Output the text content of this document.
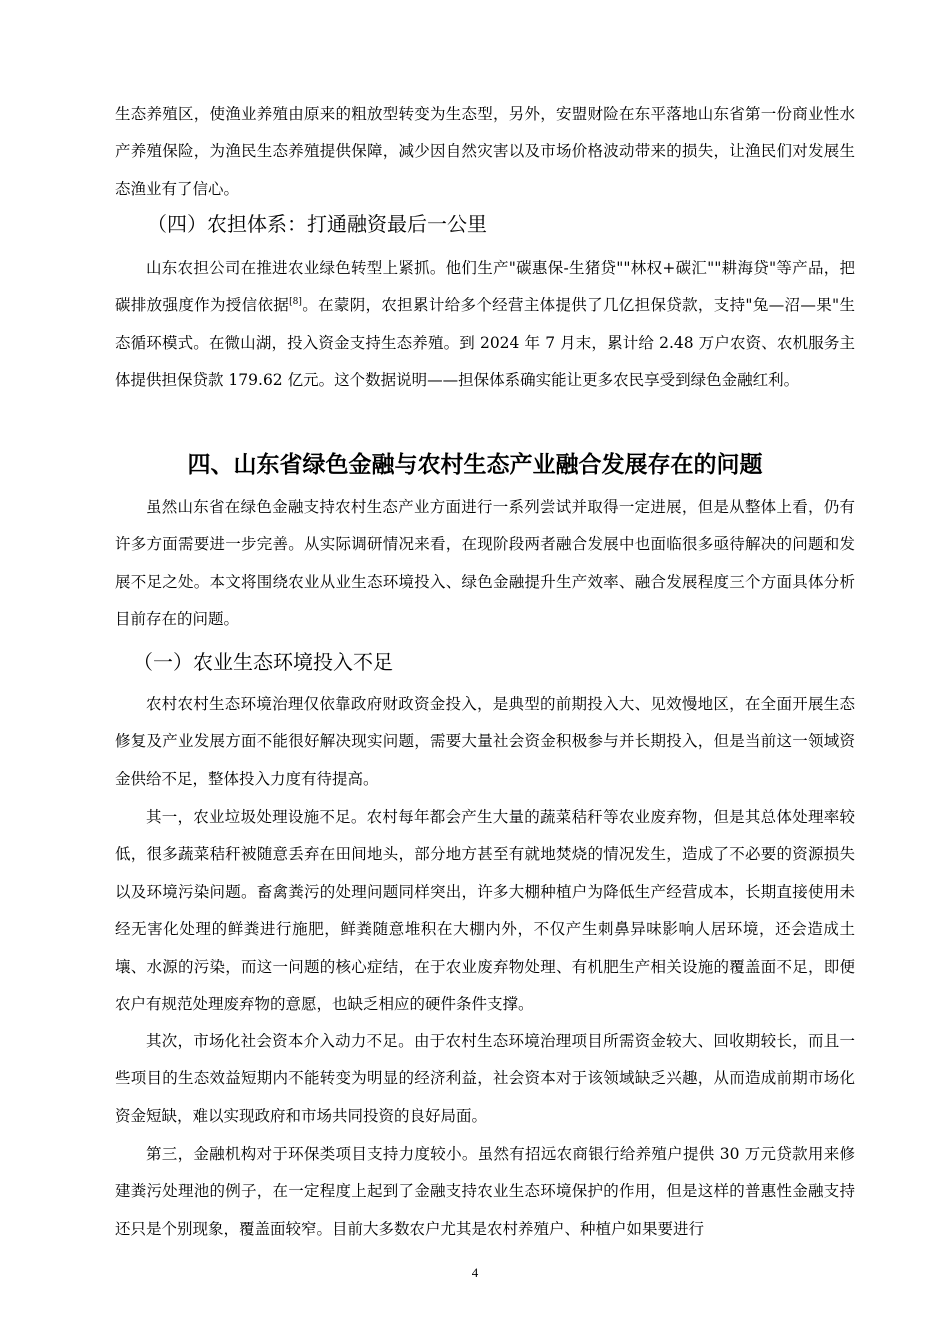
生态养殖区，使渔业养殖由原来的粗放型转变为生态型，另外，安盟财险在东平落地山东省第一份商业性水产养殖保险，为渔民生态养殖提供保障，减少因自然灾害以及市场价格波动带来的损失，让渔民们对发展生态渔业有了信心。

（四）农担体系：打通融资最后一公里

山东农担公司在推进农业绿色转型上紧抓。他们生产"碳惠保-生猪贷""林权+碳汇""耕海贷"等产品，把碳排放强度作为授信依据[8]。在蒙阴，农担累计给多个经营主体提供了几亿担保贷款，支持"兔—沼—果"生态循环模式。在微山湖，投入资金支持生态养殖。到 2024 年 7 月末，累计给 2.48 万户农资、农机服务主体提供担保贷款 179.62 亿元。这个数据说明——担保体系确实能让更多农民享受到绿色金融红利。

四、山东省绿色金融与农村生态产业融合发展存在的问题

虽然山东省在绿色金融支持农村生态产业方面进行一系列尝试并取得一定进展，但是从整体上看，仍有许多方面需要进一步完善。从实际调研情况来看，在现阶段两者融合发展中也面临很多亟待解决的问题和发展不足之处。本文将围绕农业从业生态环境投入、绿色金融提升生产效率、融合发展程度三个方面具体分析目前存在的问题。

（一）农业生态环境投入不足

农村农村生态环境治理仅依靠政府财政资金投入，是典型的前期投入大、见效慢地区，在全面开展生态修复及产业发展方面不能很好解决现实问题，需要大量社会资金积极参与并长期投入，但是当前这一领域资金供给不足，整体投入力度有待提高。

其一，农业垃圾处理设施不足。农村每年都会产生大量的蔬菜秸秆等农业废弃物，但是其总体处理率较低，很多蔬菜秸秆被随意丢弃在田间地头，部分地方甚至有就地焚烧的情况发生，造成了不必要的资源损失以及环境污染问题。畜禽粪污的处理问题同样突出，许多大棚种植户为降低生产经营成本，长期直接使用未经无害化处理的鲜粪进行施肥，鲜粪随意堆积在大棚内外，不仅产生刺鼻异味影响人居环境，还会造成土壤、水源的污染，而这一问题的核心症结，在于农业废弃物处理、有机肥生产相关设施的覆盖面不足，即便农户有规范处理废弃物的意愿，也缺乏相应的硬件条件支撑。

其次，市场化社会资本介入动力不足。由于农村生态环境治理项目所需资金较大、回收期较长，而且一些项目的生态效益短期内不能转变为明显的经济利益，社会资本对于该领域缺乏兴趣，从而造成前期市场化资金短缺，难以实现政府和市场共同投资的良好局面。

第三，金融机构对于环保类项目支持力度较小。虽然有招远农商银行给养殖户提供 30 万元贷款用来修建粪污处理池的例子，在一定程度上起到了金融支持农业生态环境保护的作用，但是这样的普惠性金融支持还只是个别现象，覆盖面较窄。目前大多数农户尤其是农村养殖户、种植户如果要进行

4
